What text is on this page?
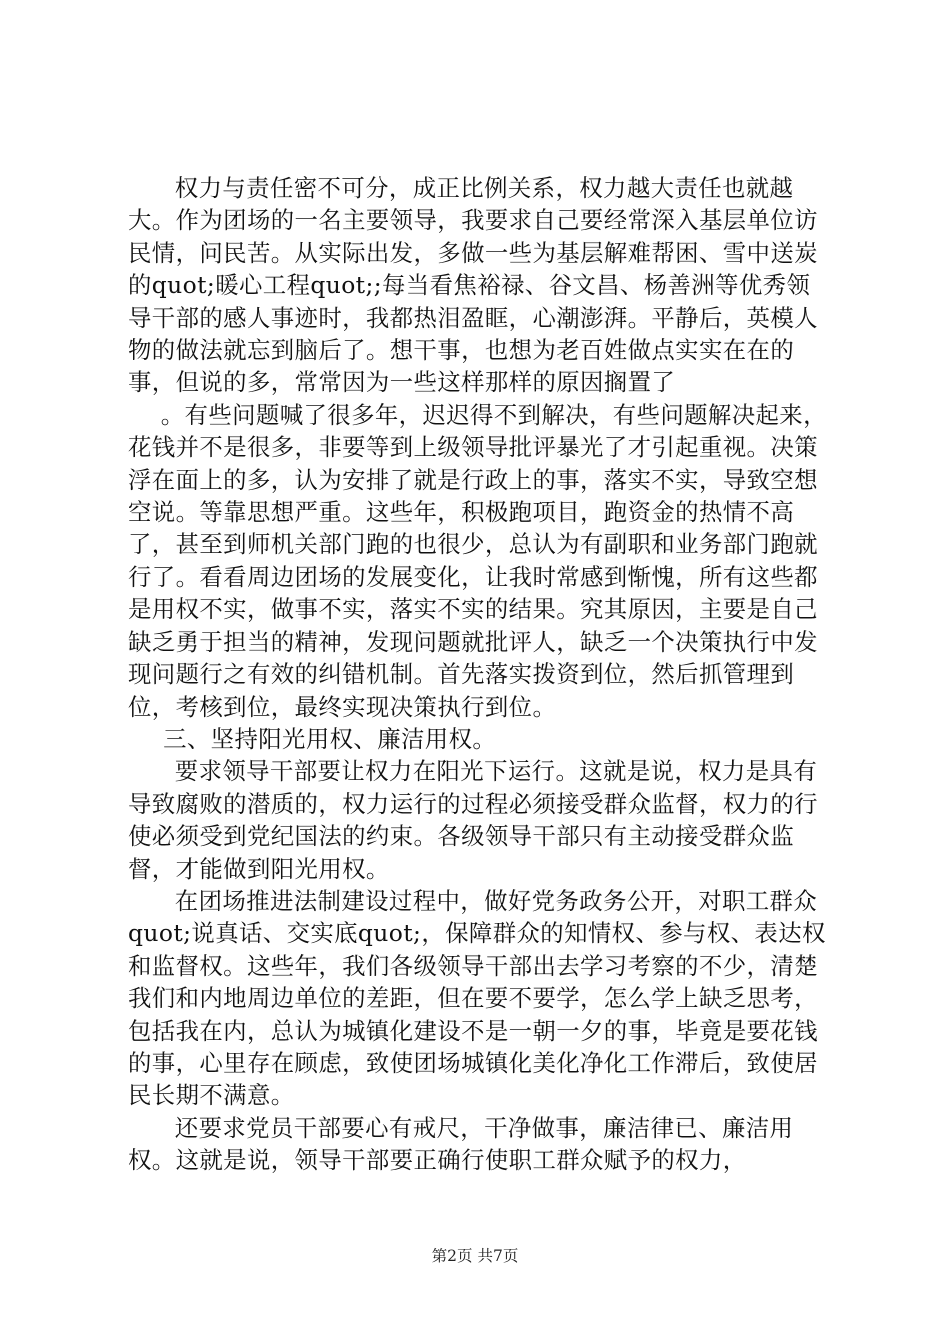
权力与责任密不可分，成正比例关系，权力越大责任也就越大。作为团场的一名主要领导，我要求自己要经常深入基层单位访民情，问民苦。从实际出发，多做一些为基层解难帮困、雪中送炭的quot;暖心工程quot;;每当看焦裕禄、谷文昌、杨善洲等优秀领导干部的感人事迹时，我都热泪盈眶，心潮澎湃。平静后，英模人物的做法就忘到脑后了。想干事，也想为老百姓做点实实在在的事，但说的多，常常因为一些这样那样的原因搁置了

。有些问题喊了很多年，迟迟得不到解决，有些问题解决起来，花钱并不是很多，非要等到上级领导批评暴光了才引起重视。决策浮在面上的多，认为安排了就是行政上的事，落实不实，导致空想空说。等靠思想严重。这些年，积极跑项目，跑资金的热情不高了，甚至到师机关部门跑的也很少，总认为有副职和业务部门跑就行了。看看周边团场的发展变化，让我时常感到惭愧，所有这些都是用权不实，做事不实，落实不实的结果。究其原因，主要是自己缺乏勇于担当的精神，发现问题就批评人，缺乏一个决策执行中发现问题行之有效的纠错机制。首先落实拨资到位，然后抓管理到位，考核到位，最终实现决策执行到位。

三、坚持阳光用权、廉洁用权。

要求领导干部要让权力在阳光下运行。这就是说，权力是具有导致腐败的潜质的，权力运行的过程必须接受群众监督，权力的行使必须受到党纪国法的约束。各级领导干部只有主动接受群众监督，才能做到阳光用权。

在团场推进法制建设过程中，做好党务政务公开，对职工群众quot;说真话、交实底quot;，保障群众的知情权、参与权、表达权和监督权。这些年，我们各级领导干部出去学习考察的不少，清楚我们和内地周边单位的差距，但在要不要学，怎么学上缺乏思考，包括我在内，总认为城镇化建设不是一朝一夕的事，毕竟是要花钱的事，心里存在顾虑，致使团场城镇化美化净化工作滞后，致使居民长期不满意。

还要求党员干部要心有戒尺，干净做事，廉洁律已、廉洁用权。这就是说，领导干部要正确行使职工群众赋予的权力，

第2页 共7页
